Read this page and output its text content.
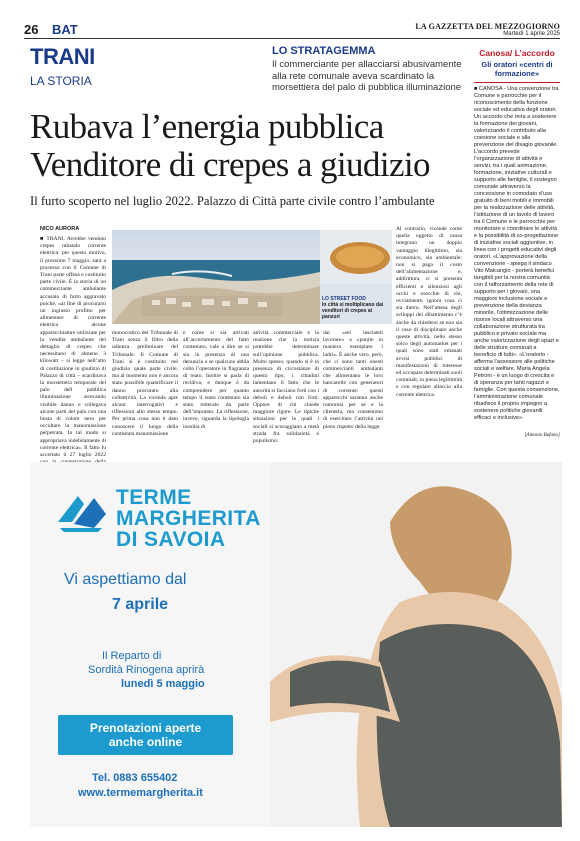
26 BAT	LA GAZZETTA DEL MEZZOGIORNO
Martedì 1 aprile 2025
TRANI
LA STORIA
LO STRATAGEMMA
Il commerciante per allacciarsi abusivamente alla rete comunale aveva scardinato la morsettiera del palo di pubblica illuminazione
Rubava l’energia pubblica
Venditore di crepes a giudizio
Il furto scoperto nel luglio 2022. Palazzo di Città parte civile contro l’ambulante
NICO AURORA
■ TRANI. Avrebbe venduto crepes rubando corrente elettrica: per questo motivo, il prossimo 7 maggio, sarà a processo con il Comune di Trani parte offesa e costituito parte civile. È la storia di un commerciante ambulante accusato di furto aggravato poiché, «al fine di procurarsi un ingiusto profitto per alimentare di corrente elettrica alcune apparecchiature utilizzate per la vendita ambulante del dettaglio di crepes che necessitano di almeno 3 kilowatt – si legge nell’atto di costituzione in giudizio di Palazzo di città – scardinava la morsettiera temporale del palo dell pubblica illuminazione arrecando visibile danno e collegava alcune parti del palo con una busta di colore nero per occultare la manomissione perpetrata. In tal modo si appropriava indebitamente di corrente elettrica». Il fatto fu accertato il 27 luglio 2022
LO STREET FOOD
In città si moltiplicano dai venditori di crepes ai panzuri
monocratico del Tribunale di Trani senza il filtro della udienza preliminare del Tribunale. Il Comune di Trani si è costituito nel giudizio quale parte civile, ma al momento non è ancora stato possibile quantificare il danno procurato alla collettività. La vicenda apre alcuni interrogativi e riflessioni allo stesso tempo. Per prima cosa non è dato conoscere il luogo della contestata manomissione
e come si sia arrivati all’accertamento del fatto contestato, vale a dire se si sia in presenza di una denuncia o se qualcuno abbia colto l’operatore in flagranza di reato. Inoltre si parla di recidiva, e dunque è da comprendere per quanto tempo il reato contestato sia stato reiterato da parte dell’imputato. La riflessione, invece, riguarda la tipologia insolita di
attività commerciale e la reazione che la notizia potrebbe determinare sull’opinione pubblica. Molto spesso, quando si è in presenza di circostanze di questo tipo, i cittadini lamentano il fatto che le autorità si facciano forti con i deboli e deboli con forti. Oppure di chi chiede maggiore rigore. Le tipiche situazioni per le quali i sociali si scoraggiano a metà strada fra solidarietà e populismo:
dai «sei lasciateli lavorare» a «punite in maniera esemplare i ladri». È anche vero, però, che ci sono tanti onesti commercianti ambulanti che alimentano le loro bancarelle con generatori di corrente: questi apparecchi saranno anche rumorosi per sé e la clientela, ma consentono di esercitare l’attività nel pieno rispetto della legge.
Al contrario, vicende come quella oggetto di causa integrano un doppio vantaggio illegittimo, sia economico, sia ambientale: non si paga il costo dell’alimentazione e, addirittura, ci si presenta efficienti e silenziosi agli occhi e orecchie di chi, ovviamente, ignora cosa ci sia dietro. Nell’attesa degli sviluppi del dibattimento c’è anche da chiedersi se non sia il caso di disciplinare anche queste attività, nello stesso solco degli automarket per i quali sono stati emanati avvisi pubblici di manifestazioni di interesse ed occupare determinati suoli comunali, in piena legittimità e con regolare allaccio alla corrente elettrica.
Canosa/ L’accordo
Gli oratori «centri di formazione»
■ CANOSA - Una convenzione tra Comune e parrocchie per il riconoscimento della funzione sociale ed educativa degli oratori. Un accordo che mira a sostenere la formazione dei giovani, valorizzando il contributo alla coesione sociale e alla prevenzione del disagio giovanile. L’accordo prevede l’organizzazione di attività e servizi, tra i quali animazione, formazione, iniziative culturali e supporto alle famiglie, il sostegno comunale attraverso la concessione in comodato d’uso gratuito di beni mobili e immobili per la realizzazione delle attività, l’istituzione di un tavolo di lavoro tra il Comune e le parrocchie per monitorare e coordinare le attività e la possibilità di co-progettazione di iniziative sociali aggiuntive, in linea con i progetti educativi degli oratori. «L’approvazione della convenzione - spiega il sindaco Vito Malcangio - porterà benefici tangibili per la nostra comunità con il rafforzamento della rete di supporto per i giovani, una maggiore inclusione sociale e prevenzione della devianza minorile, l’ottimizzazione delle risorse locali attraverso una collaborazione strutturata tra pubblico e privato sociale ma anche valorizzazione degli spazi e delle strutture comunali a beneficio di tutti». «L’oratorio - afferma l’assessore alle politiche sociali e welfare, Maria Angela Petroni - è un luogo di crescita e di speranza per tanti ragazzi e famiglie. Con questa convenzione, l’amministrazione comunale ribadisce il proprio impegno a sostenere politiche giovanili efficaci e inclusive».
[Antonio Bufano]
TERME
MARGHERITA
DI SAVOIA
Vi aspettiamo dal
7 aprile
Il Reparto di
Sordità Rinogena aprirà
lunedì 5 maggio
Prenotazioni aperte
anche online
Tel. 0883 655402
www.termemargherita.it
